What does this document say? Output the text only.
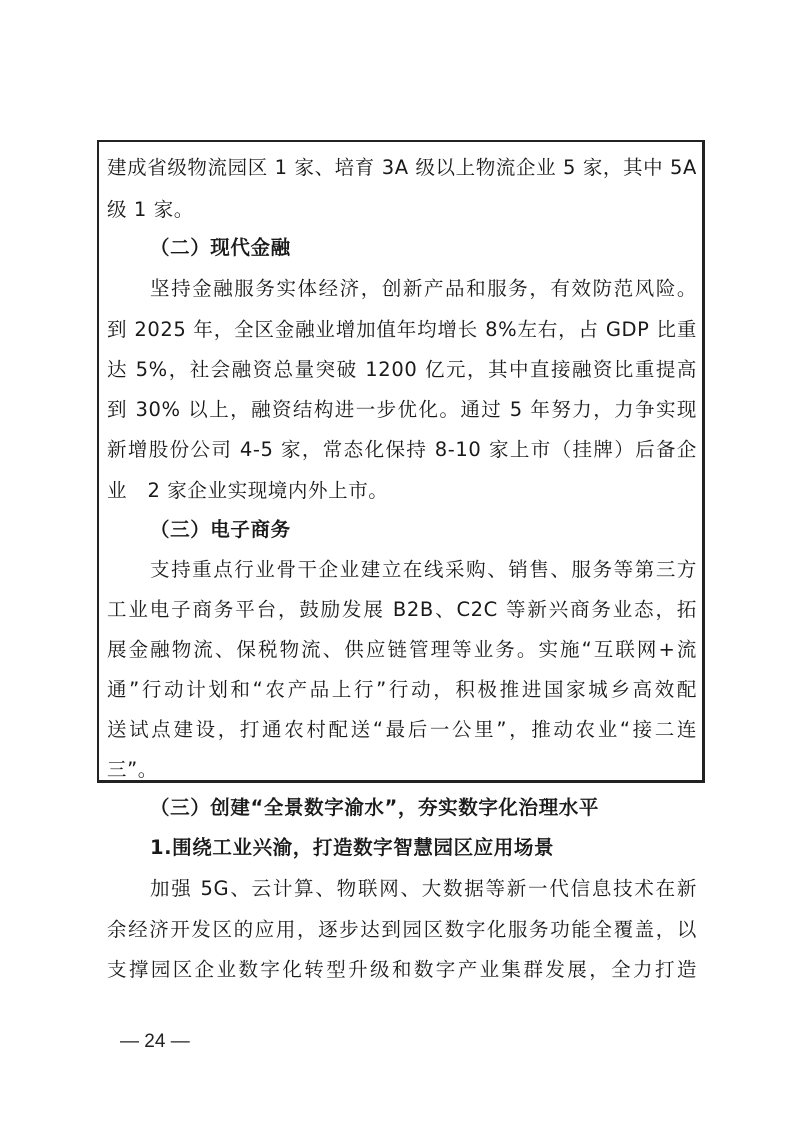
建成省级物流园区 1 家、培育 3A 级以上物流企业 5 家，其中 5A
级 1 家。
（二）现代金融
坚持金融服务实体经济，创新产品和服务，有效防范风险。
到 2025 年，全区金融业增加值年均增长 8%左右，占 GDP 比重
达 5%，社会融资总量突破 1200 亿元，其中直接融资比重提高
到 30% 以上，融资结构进一步优化。通过 5 年努力，力争实现
新增股份公司 4-5 家，常态化保持 8-10 家上市（挂牌）后备企
业   2 家企业实现境内外上市。
（三）电子商务
支持重点行业骨干企业建立在线采购、销售、服务等第三方
工业电子商务平台，鼓励发展 B2B、C2C 等新兴商务业态，拓
展金融物流、保税物流、供应链管理等业务。实施“互联网+流
通”行动计划和“农产品上行”行动，积极推进国家城乡高效配
送试点建设，打通农村配送“最后一公里”，推动农业“接二连
三”。
（三）创建“全景数字渝水”，夯实数字化治理水平
1.围绕工业兴渝，打造数字智慧园区应用场景
加强 5G、云计算、物联网、大数据等新一代信息技术在新
余经济开发区的应用，逐步达到园区数字化服务功能全覆盖，以
支撑园区企业数字化转型升级和数字产业集群发展，全力打造
— 24 —
